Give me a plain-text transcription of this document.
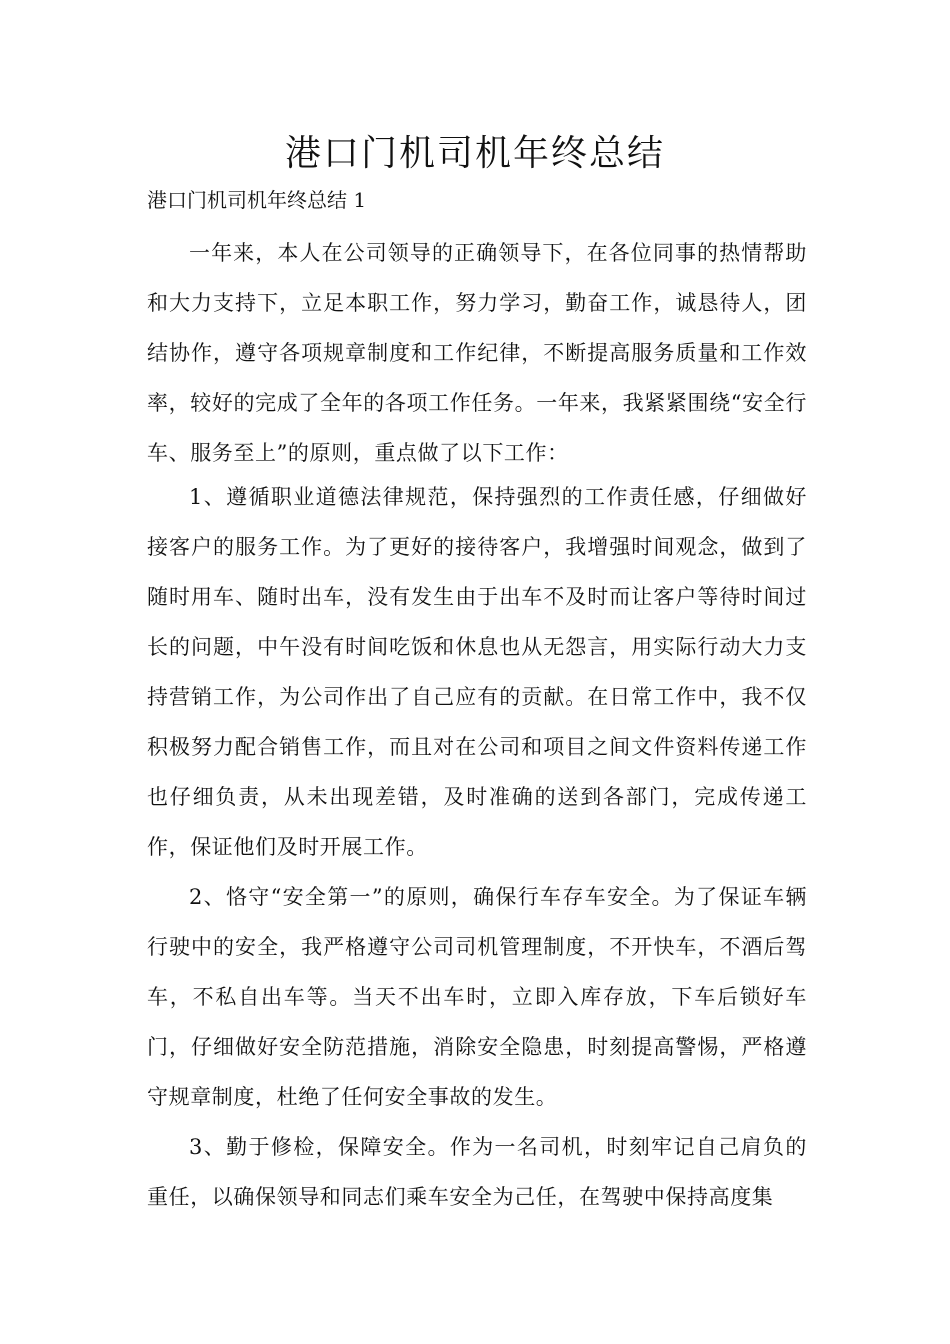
港口门机司机年终总结

港口门机司机年终总结 1

一年来，本人在公司领导的正确领导下，在各位同事的热情帮助和大力支持下，立足本职工作，努力学习，勤奋工作，诚恳待人，团结协作，遵守各项规章制度和工作纪律，不断提高服务质量和工作效率，较好的完成了全年的各项工作任务。一年来，我紧紧围绕“安全行车、服务至上”的原则，重点做了以下工作：

1、遵循职业道德法律规范，保持强烈的工作责任感，仔细做好接客户的服务工作。为了更好的接待客户，我增强时间观念，做到了随时用车、随时出车，没有发生由于出车不及时而让客户等待时间过长的问题，中午没有时间吃饭和休息也从无怨言，用实际行动大力支持营销工作，为公司作出了自己应有的贡献。在日常工作中，我不仅积极努力配合销售工作，而且对在公司和项目之间文件资料传递工作也仔细负责，从未出现差错，及时准确的送到各部门，完成传递工作，保证他们及时开展工作。

2、恪守“安全第一”的原则，确保行车存车安全。为了保证车辆行驶中的安全，我严格遵守公司司机管理制度，不开快车，不酒后驾车，不私自出车等。当天不出车时，立即入库存放，下车后锁好车门，仔细做好安全防范措施，消除安全隐患，时刻提高警惕，严格遵守规章制度，杜绝了任何安全事故的发生。

3、勤于修检，保障安全。作为一名司机，时刻牢记自己肩负的重任，以确保领导和同志们乘车安全为己任，在驾驶中保持高度集
